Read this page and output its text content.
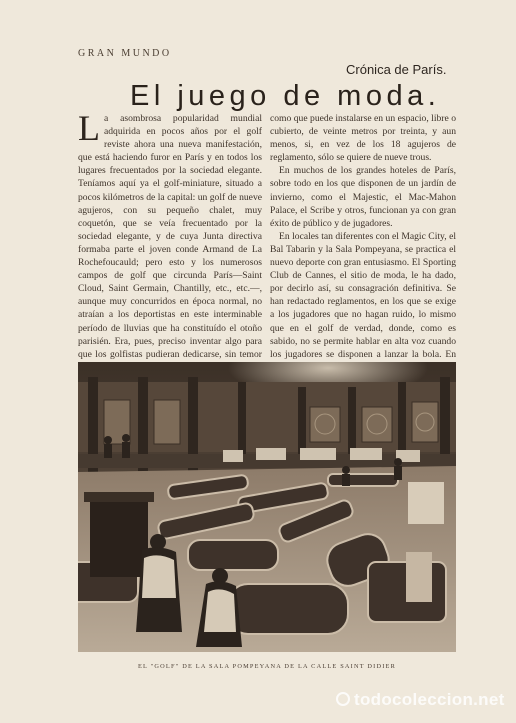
GRAN MUNDO
Crónica de París.
El juego de moda.

La asombrosa popularidad mundial adquirida en pocos años por el golf reviste ahora una nueva manifestación, que está haciendo furor en París y en todos los lugares frecuentados por la sociedad elegante. Teníamos aquí ya el golf-miniature, situado a pocos kilómetros de la capital: un golf de nueve agujeros, con su pequeño chalet, muy coquetón, que se veía frecuentado por la sociedad elegante, y de cuya Junta directiva formaba parte el joven conde Armand de La Rochefoucauld; pero esto y los numerosos campos de golf que circunda París—Saint Cloud, Saint Germain, Chantilly, etc., etc.—, aunque muy concurridos en época normal, no atraían a los deportistas en este interminable período de lluvias que ha constituído el otoño parisién. Era, pues, preciso inventar algo para que los golfistas pudieran dedicarse, sin temor

como que puede instalarse en un espacio, libre o cubierto, de veinte metros por treinta, y aun menos, si, en vez de los 18 agujeros de reglamento, sólo se quiere de nueve trous.

En muchos de los grandes hoteles de París, sobre todo en los que disponen de un jardín de invierno, como el Majestic, el Mac-Mahon Palace, el Scribe y otros, funcionan ya con gran éxito de público y de jugadores.

En locales tan diferentes con el Magic City, el Bal Tabarin y la Sala Pompeyana, se practica el nuevo deporte con gran entusiasmo. El Sporting Club de Cannes, el sitio de moda, le ha dado, por decirlo así, su consagración definitiva. Se han redactado reglamentos, en los que se exige a los jugadores que no hagan ruido, lo mismo que en el golf de verdad, donde, como es sabido, no se permite hablar en alta voz cuando los jugadores se disponen a lanzar la bola. En

EL "GOLF" DE LA SALA POMPEYANA DE LA CALLE SAINT DIDIER
todocoleccion.net
